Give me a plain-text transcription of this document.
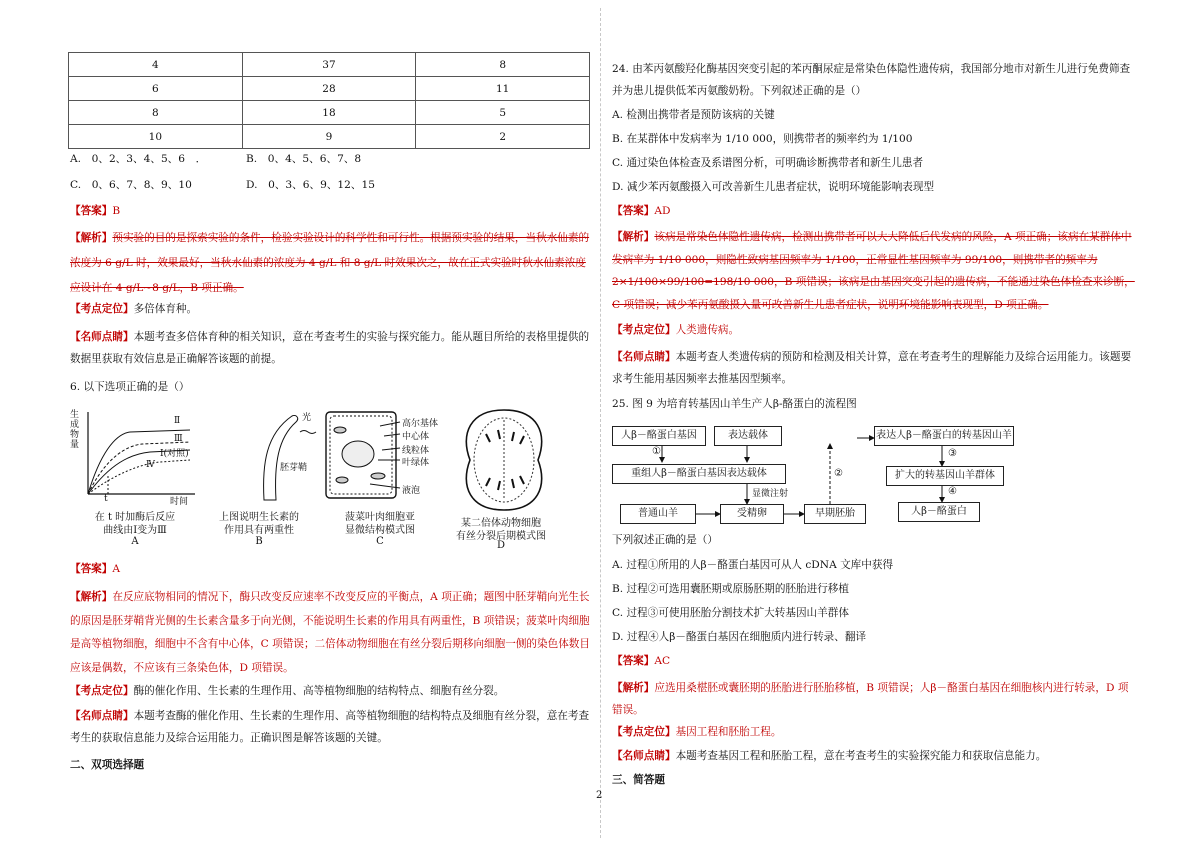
4	37	8
6	28	11
8	18	5
10	9	2
A.　0、2、3、4、5、6　．	B.　0、4、5、6、7、8
C.　0、6、7、8、9、10	D.　0、3、6、9、12、15
【答案】B
【解析】预实验的目的是探索实验的条件，检验实验设计的科学性和可行性。根据预实验的结果，当秋水仙素的浓度为 6 g/L 时，效果最好，当秋水仙素的浓度为 4 g/L 和 8 g/L 时效果次之，故在正式实验时秋水仙素浓度应设计在 4 g/L~8 g/L，B 项正确。
【考点定位】多倍体育种。
【名师点睛】本题考查多倍体育种的相关知识，意在考查考生的实验与探究能力。能从题目所给的表格里提供的数据里获取有效信息是正确解答该题的前提。
6. 以下选项正确的是（）
生成物量
t	时间
Ⅱ
Ⅲ
Ⅰ(对照)
Ⅳ
在 t 时加酶后反应
曲线由Ⅰ变为Ⅲ
A
光
胚芽鞘
上图说明生长素的
作用具有两重性
B
高尔基体
中心体
线粒体
叶绿体
液泡
菠菜叶肉细胞亚
显微结构模式图
C
某二倍体动物细胞
有丝分裂后期模式图
D
【答案】A
【解析】在反应底物相同的情况下，酶只改变反应速率不改变反应的平衡点，A 项正确；题图中胚芽鞘向光生长的原因是胚芽鞘背光侧的生长素含量多于向光侧，不能说明生长素的作用具有两重性，B 项错误；菠菜叶肉细胞是高等植物细胞，细胞中不含有中心体，C 项错误；二倍体动物细胞在有丝分裂后期移向细胞一侧的染色体数目应该是偶数，不应该有三条染色体，D 项错误。
【考点定位】酶的催化作用、生长素的生理作用、高等植物细胞的结构特点、细胞有丝分裂。
【名师点睛】本题考查酶的催化作用、生长素的生理作用、高等植物细胞的结构特点及细胞有丝分裂，意在考查考生的获取信息能力及综合运用能力。正确识图是解答该题的关键。
二、双项选择题
24. 由苯丙氨酸羟化酶基因突变引起的苯丙酮尿症是常染色体隐性遗传病，我国部分地市对新生儿进行免费筛查并为患儿提供低苯丙氨酸奶粉。下列叙述正确的是（）
A. 检测出携带者是预防该病的关键
B. 在某群体中发病率为 1/10 000，则携带者的频率约为 1/100
C. 通过染色体检查及系谱图分析，可明确诊断携带者和新生儿患者
D. 减少苯丙氨酸摄入可改善新生儿患者症状，说明环境能影响表现型
【答案】AD
【解析】该病是常染色体隐性遗传病，检测出携带者可以大大降低后代发病的风险，A 项正确；该病在某群体中发病率为 1/10 000，则隐性致病基因频率为 1/100，正常显性基因频率为 99/100，则携带者的频率为 2×1/100×99/100=198/10 000，B 项错误；该病是由基因突变引起的遗传病，不能通过染色体检查来诊断，C 项错误；减少苯丙氨酸摄入量可改善新生儿患者症状，说明环境能影响表现型，D 项正确。
【考点定位】人类遗传病。
【名师点睛】本题考查人类遗传病的预防和检测及相关计算，意在考查考生的理解能力及综合运用能力。该题要求考生能用基因频率去推基因型频率。
25. 图 9 为培育转基因山羊生产人β-酪蛋白的流程图
人β－酪蛋白基因	表达载体
重组人β－酪蛋白基因表达载体
显微注射
普通山羊	受精卵	早期胚胎
表达人β－酪蛋白的转基因山羊
扩大的转基因山羊群体
人β－酪蛋白
①
②
③
④
下列叙述正确的是（）
A. 过程①所用的人β－酪蛋白基因可从人 cDNA 文库中获得
B. 过程②可选用囊胚期或原肠胚期的胚胎进行移植
C. 过程③可使用胚胎分割技术扩大转基因山羊群体
D. 过程④人β－酪蛋白基因在细胞质内进行转录、翻译
【答案】AC
【解析】应选用桑椹胚或囊胚期的胚胎进行胚胎移植，B 项错误；人β－酪蛋白基因在细胞核内进行转录，D 项错误。
【考点定位】基因工程和胚胎工程。
【名师点睛】本题考查基因工程和胚胎工程，意在考查考生的实验探究能力和获取信息能力。
三、简答题
2
